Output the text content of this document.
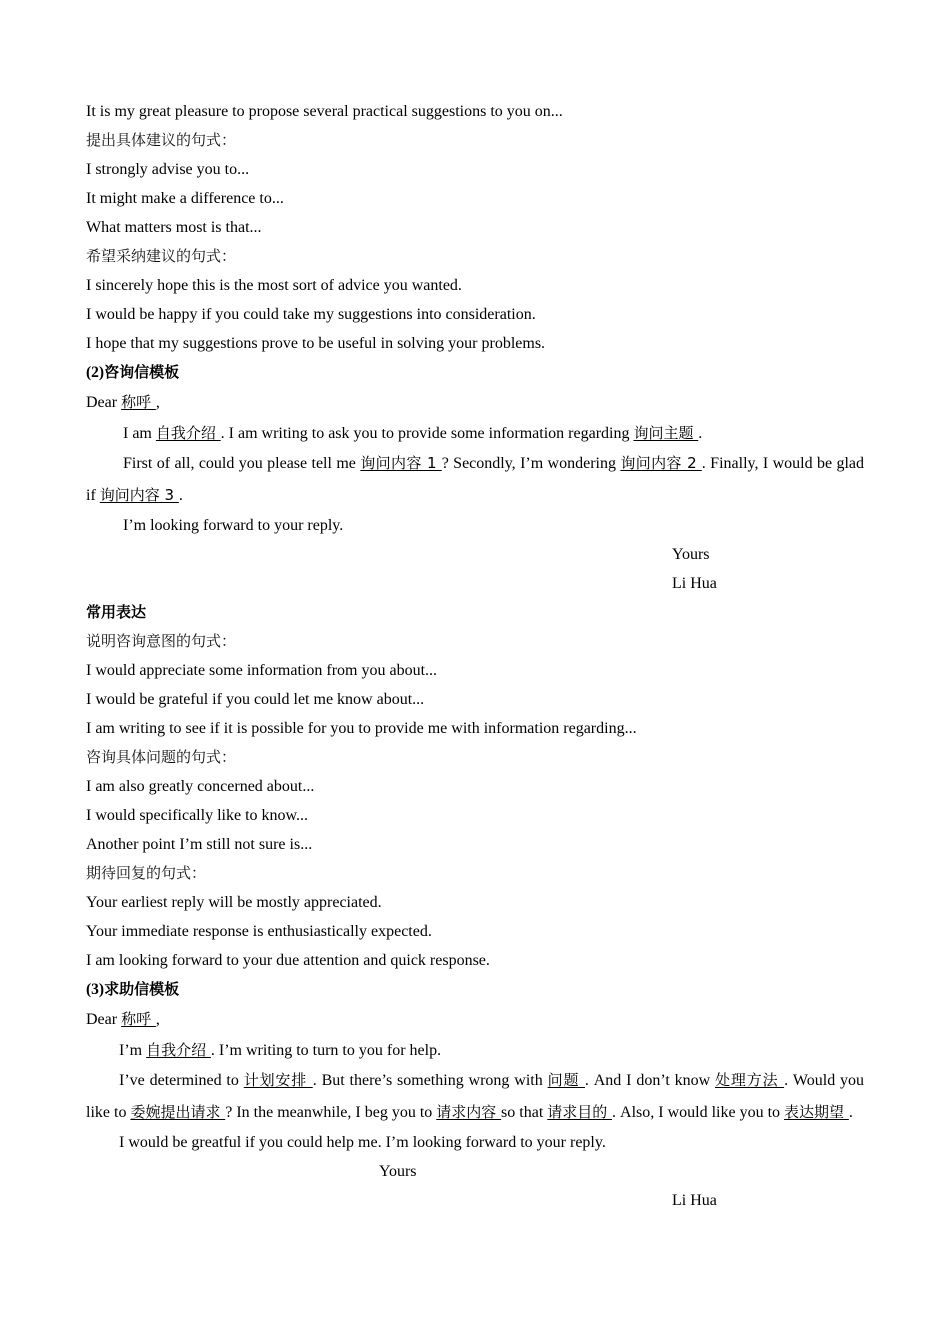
It is my great pleasure to propose several practical suggestions to you on...
提出具体建议的句式：
I strongly advise you to...
It might make a difference to...
What matters most is that...
希望采纳建议的句式：
I sincerely hope this is the most sort of advice you wanted.
I would be happy if you could take my suggestions into consideration.
I hope that my suggestions prove to be useful in solving your problems.
(2)咨询信模板
Dear 称呼 ,
I am 自我介绍 . I am writing to ask you to provide some information regarding 询问主题 .
First of all, could you please tell me 询问内容 1 ? Secondly, I’m wondering 询问内容 2 . Finally, I would be glad if 询问内容 3 .
I’m looking forward to your reply.
Yours
Li Hua
常用表达
说明咨询意图的句式：
I would appreciate some information from you about...
I would be grateful if you could let me know about...
I am writing to see if it is possible for you to provide me with information regarding...
咨询具体问题的句式：
I am also greatly concerned about...
I would specifically like to know...
Another point I’m still not sure is...
期待回复的句式：
Your earliest reply will be mostly appreciated.
Your immediate response is enthusiastically expected.
I am looking forward to your due attention and quick response.
(3)求助信模板
Dear 称呼 ,
I’m 自我介绍 . I’m writing to turn to you for help.
I’ve determined to 计划安排 . But there’s something wrong with 问题 . And I don’t know 处理方法 . Would you like to 委婉提出请求 ? In the meanwhile, I beg you to 请求内容 so that 请求目的 . Also, I would like you to 表达期望 .
I would be greatful if you could help me. I’m looking forward to your reply.
Yours
Li Hua
